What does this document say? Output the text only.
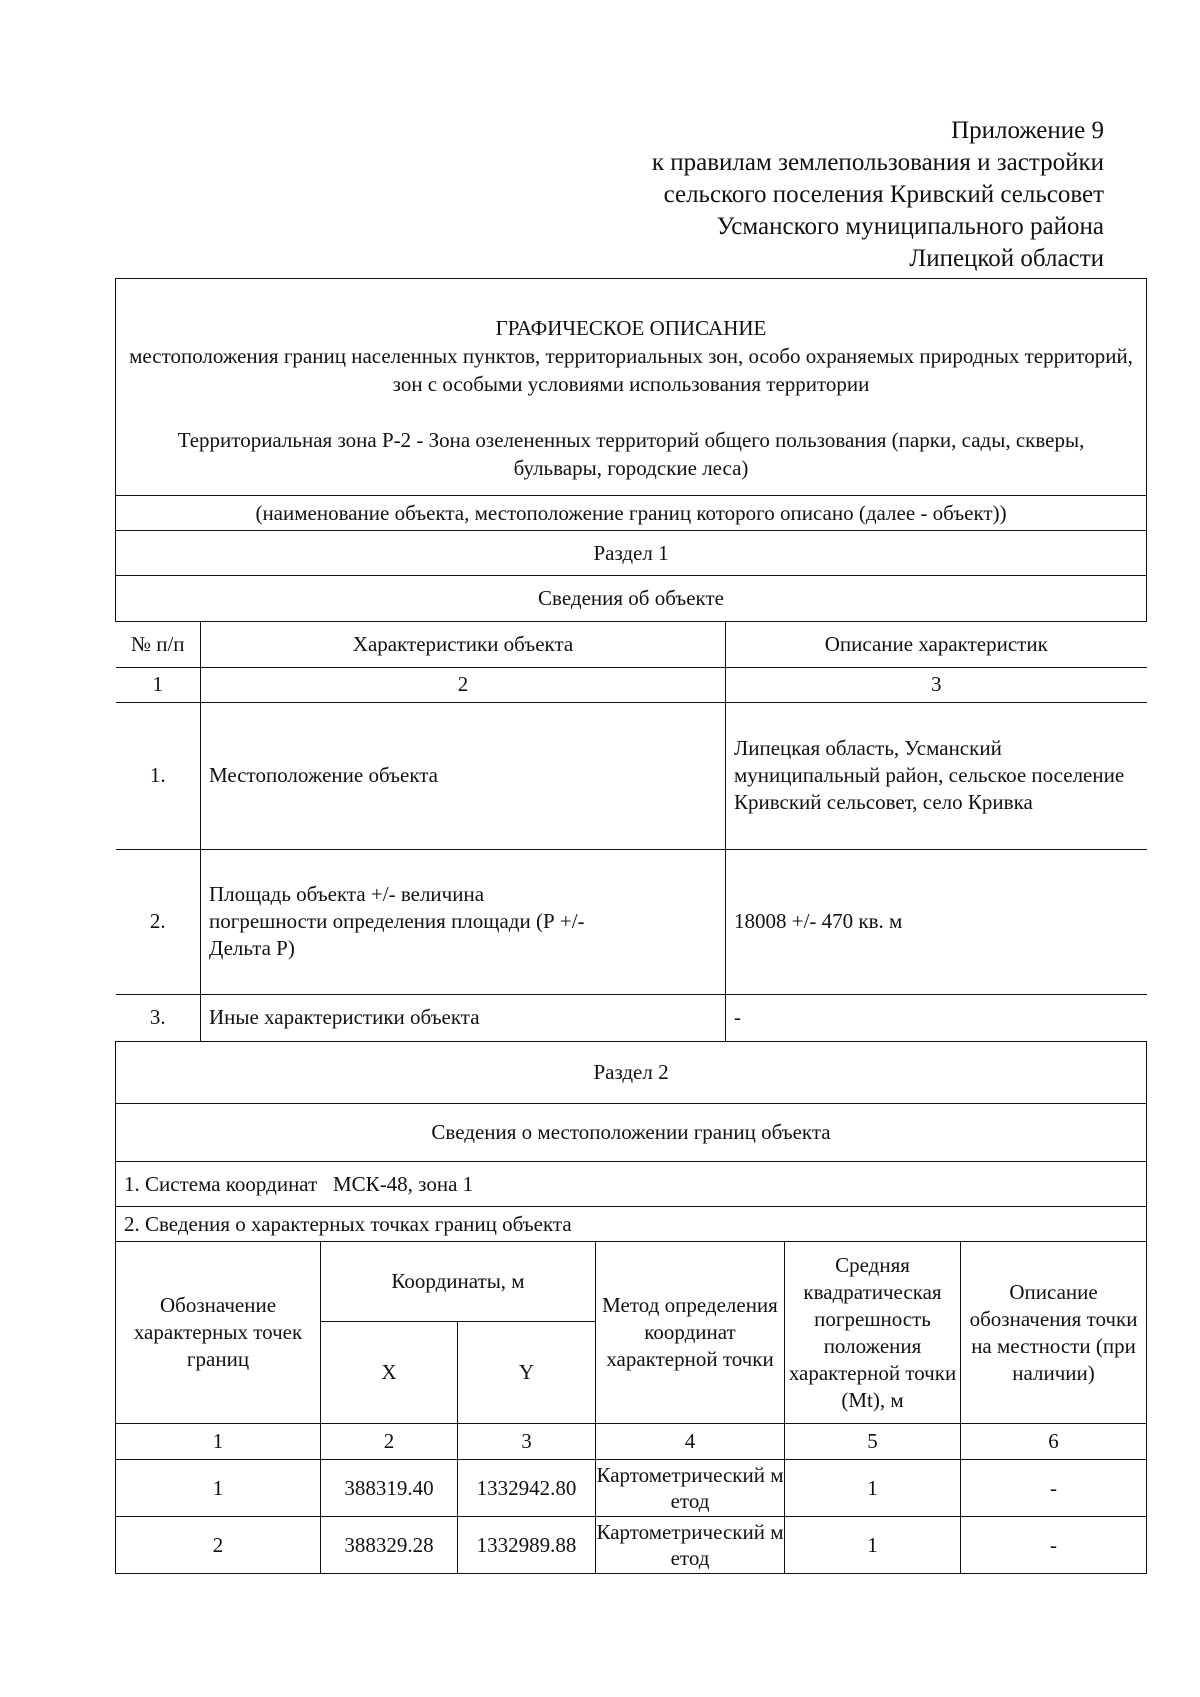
Приложение 9
к правилам землепользования и застройки
сельского поселения Кривский сельсовет
Усманского муниципального района
Липецкой области
ГРАФИЧЕСКОЕ ОПИСАНИЕ
местоположения границ населенных пунктов, территориальных зон, особо охраняемых природных территорий, зон с особыми условиями использования территории
Территориальная зона Р-2 - Зона озелененных территорий общего пользования (парки, сады, скверы, бульвары, городские леса)

(наименование объекта, местоположение границ которого описано (далее - объект))
Раздел 1
Сведения об объекте

№ п/п	Характеристики объекта	Описание характеристик
1	2	3
1.	Местоположение объекта	Липецкая область, Усманский муниципальный район, сельское поселение Кривский сельсовет, село Кривка
2.	Площадь объекта +/- величина погрешности определения площади (Р +/- Дельта Р)	18008 +/- 470 кв. м
3.	Иные характеристики объекта	-

Раздел 2
Сведения о местоположении границ объекта
1. Система координат   МСК-48, зона 1
2. Сведения о характерных точках границ объекта
Обозначение характерных точек границ	Координаты, м	Метод определения координат характерной точки	Средняя квадратическая погрешность положения характерной точки (Mt), м	Описание обозначения точки на местности (при наличии)
X	Y
1	2	3	4	5	6
1	388319.40	1332942.80	Картометрический метод	1	-
2	388329.28	1332989.88	Картометрический метод	1	-
